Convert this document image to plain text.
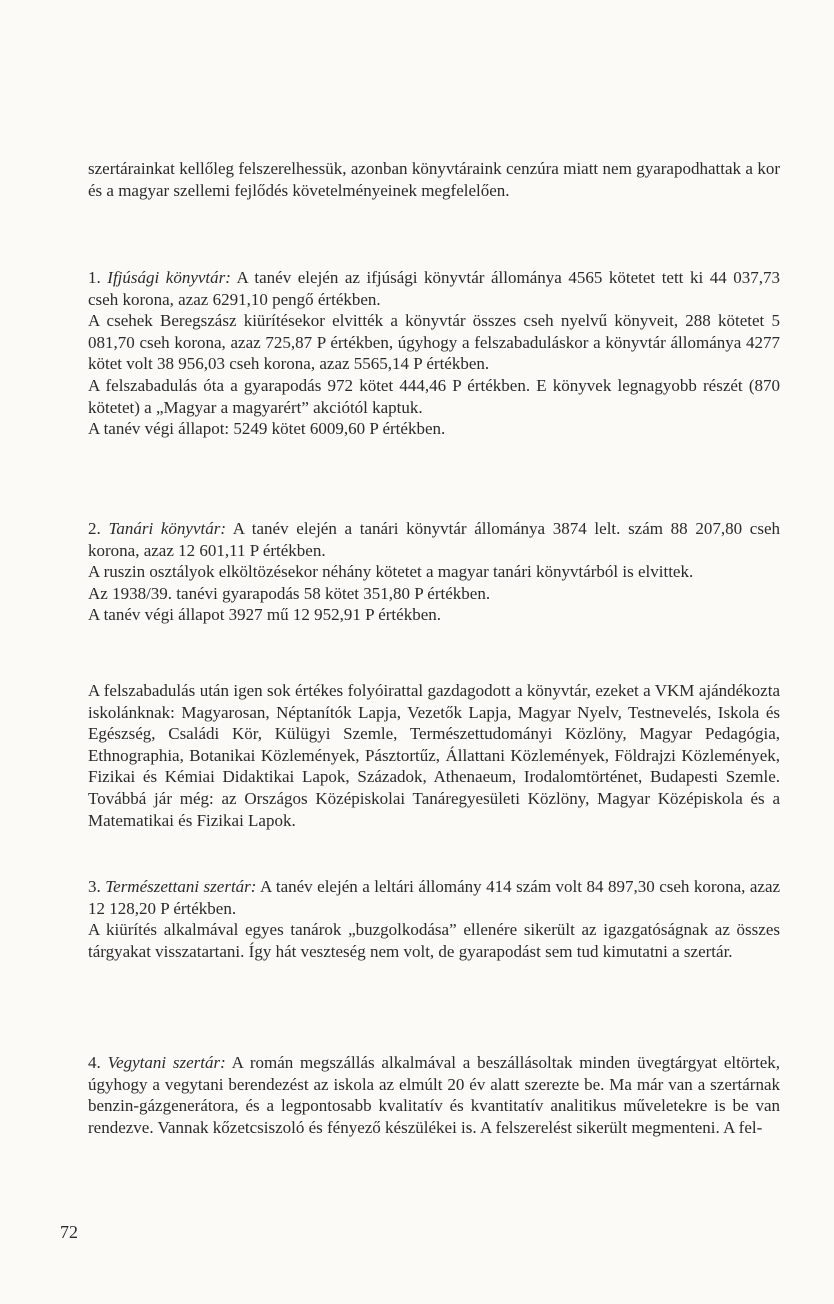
szertárainkat kellőleg felszerelhessük, azonban könyvtáraink cenzúra miatt nem gyarapodhattak a kor és a magyar szellemi fejlődés követelményeinek megfelelően.

1. Ifjúsági könyvtár: A tanév elején az ifjúsági könyvtár állománya 4565 kötetet tett ki 44 037,73 cseh korona, azaz 6291,10 pengő értékben.

A csehek Beregszász kiürítésekor elvitték a könyvtár összes cseh nyelvű könyveit, 288 kötetet 5 081,70 cseh korona, azaz 725,87 P értékben, úgyhogy a felszabaduláskor a könyvtár állománya 4277 kötet volt 38 956,03 cseh korona, azaz 5565,14 P értékben.

A felszabadulás óta a gyarapodás 972 kötet 444,46 P értékben. E könyvek legnagyobb részét (870 kötetet) a „Magyar a magyarért” akciótól kaptuk.

A tanév végi állapot: 5249 kötet 6009,60 P értékben.

2. Tanári könyvtár: A tanév elején a tanári könyvtár állománya 3874 lelt. szám 88 207,80 cseh korona, azaz 12 601,11 P értékben.

A ruszin osztályok elköltözésekor néhány kötetet a magyar tanári könyvtárból is elvittek.

Az 1938/39. tanévi gyarapodás 58 kötet 351,80 P értékben.

A tanév végi állapot 3927 mű 12 952,91 P értékben.

A felszabadulás után igen sok értékes folyóirattal gazdagodott a könyvtár, ezeket a VKM ajándékozta iskolánknak: Magyarosan, Néptanítók Lapja, Vezetők Lapja, Magyar Nyelv, Testnevelés, Iskola és Egészség, Családi Kör, Külügyi Szemle, Természettudományi Közlöny, Magyar Pedagógia, Ethnographia, Botanikai Közlemények, Pásztortűz, Állattani Közlemények, Földrajzi Közlemények, Fizikai és Kémiai Didaktikai Lapok, Századok, Athenaeum, Irodalomtörténet, Budapesti Szemle. Továbbá jár még: az Országos Középiskolai Tanáregyesületi Közlöny, Magyar Középiskola és a Matematikai és Fizikai Lapok.

3. Természettani szertár: A tanév elején a leltári állomány 414 szám volt 84 897,30 cseh korona, azaz 12 128,20 P értékben.

A kiürítés alkalmával egyes tanárok „buzgolkodása” ellenére sikerült az igazgatóságnak az összes tárgyakat visszatartani. Így hát veszteség nem volt, de gyarapodást sem tud kimutatni a szertár.

4. Vegytani szertár: A román megszállás alkalmával a beszállásoltak minden üvegtárgyat eltörtek, úgyhogy a vegytani berendezést az iskola az elmúlt 20 év alatt szerezte be. Ma már van a szertárnak benzin-gázgenerátora, és a legpontosabb kvalitatív és kvantitatív analitikus műveletekre is be van rendezve. Vannak kőzetcsiszoló és fényező készülékei is. A felszerelést sikerült megmenteni. A fel-

72
